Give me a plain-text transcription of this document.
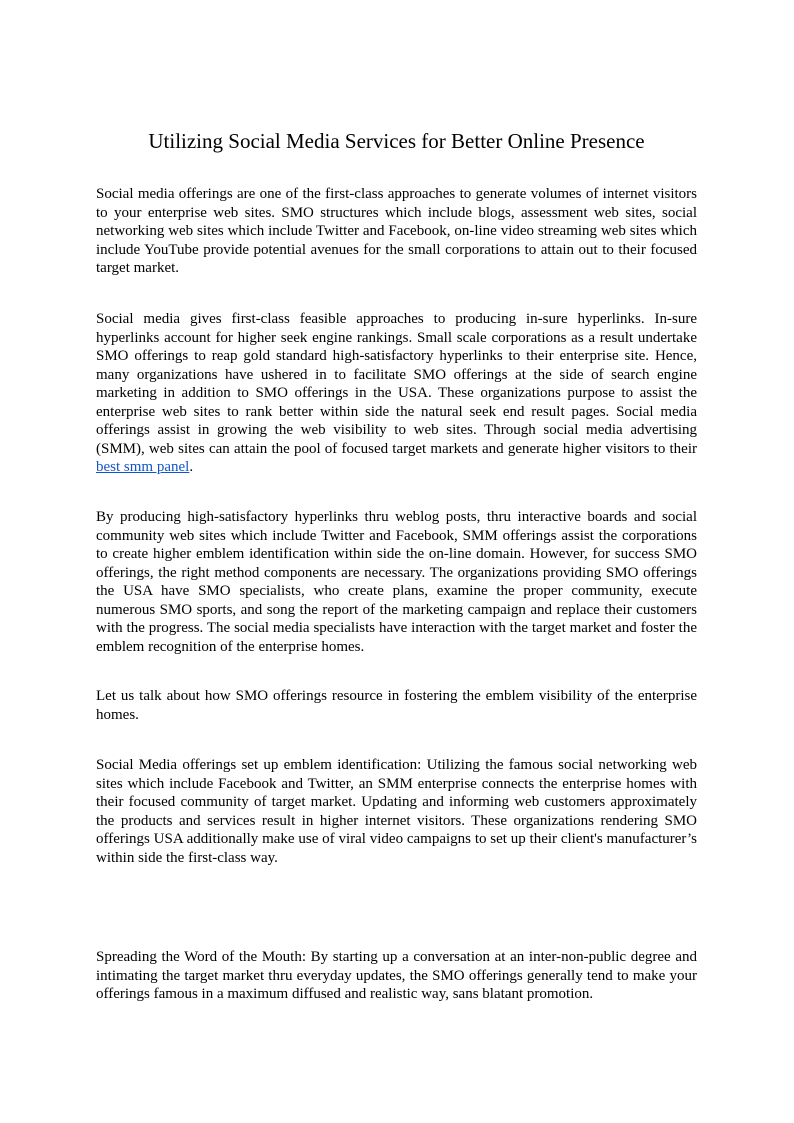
Utilizing Social Media Services for Better Online Presence

Social media offerings are one of the first-class approaches to generate volumes of internet visitors to your enterprise web sites. SMO structures which include blogs, assessment web sites, social networking web sites which include Twitter and Facebook, on-line video streaming web sites which include YouTube provide potential avenues for the small corporations to attain out to their focused target market.

Social media gives first-class feasible approaches to producing in-sure hyperlinks. In-sure hyperlinks account for higher seek engine rankings. Small scale corporations as a result undertake SMO offerings to reap gold standard high-satisfactory hyperlinks to their enterprise site. Hence, many organizations have ushered in to facilitate SMO offerings at the side of search engine marketing in addition to SMO offerings in the USA. These organizations purpose to assist the enterprise web sites to rank better within side the natural seek end result pages. Social media offerings assist in growing the web visibility to web sites. Through social media advertising (SMM), web sites can attain the pool of focused target markets and generate higher visitors to their best smm panel.

By producing high-satisfactory hyperlinks thru weblog posts, thru interactive boards and social community web sites which include Twitter and Facebook, SMM offerings assist the corporations to create higher emblem identification within side the on-line domain. However, for success SMO offerings, the right method components are necessary. The organizations providing SMO offerings the USA have SMO specialists, who create plans, examine the proper community, execute numerous SMO sports, and song the report of the marketing campaign and replace their customers with the progress. The social media specialists have interaction with the target market and foster the emblem recognition of the enterprise homes.

Let us talk about how SMO offerings resource in fostering the emblem visibility of the enterprise homes.

Social Media offerings set up emblem identification: Utilizing the famous social networking web sites which include Facebook and Twitter, an SMM enterprise connects the enterprise homes with their focused community of target market. Updating and informing web customers approximately the products and services result in higher internet visitors. These organizations rendering SMO offerings USA additionally make use of viral video campaigns to set up their client's manufacturer’s within side the first-class way.

Spreading the Word of the Mouth: By starting up a conversation at an inter-non-public degree and intimating the target market thru everyday updates, the SMO offerings generally tend to make your offerings famous in a maximum diffused and realistic way, sans blatant promotion.
